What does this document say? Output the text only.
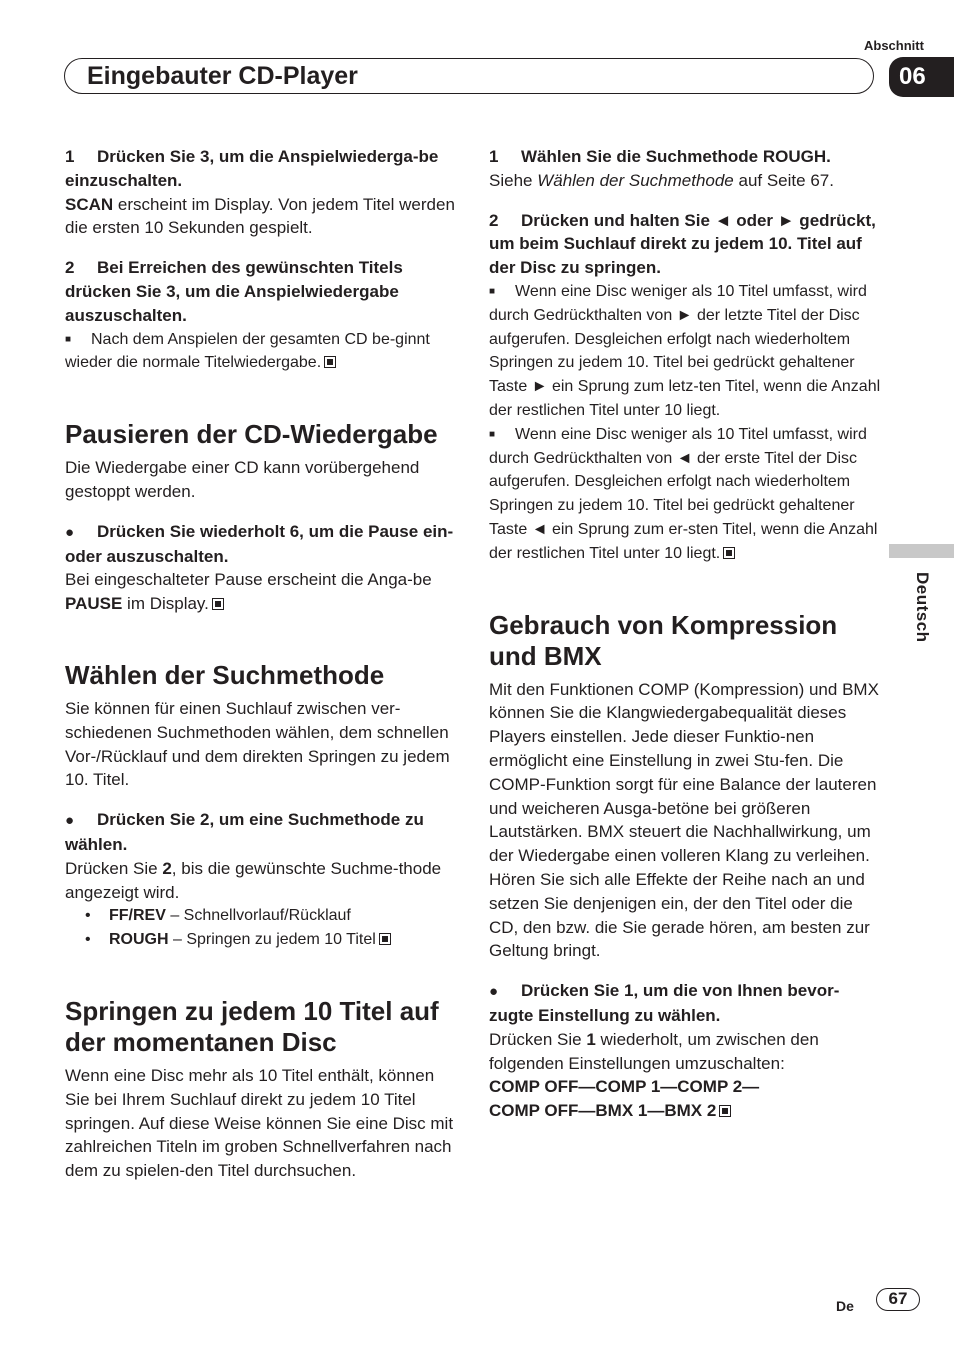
Abschnitt
Eingebauter CD-Player	06
Deutsch

1 Drücken Sie 3, um die Anspielwiederga-be einzuschalten.

SCAN erscheint im Display. Von jedem Titel werden die ersten 10 Sekunden gespielt.

2 Bei Erreichen des gewünschten Titels drücken Sie 3, um die Anspielwiedergabe auszuschalten.

■ Nach dem Anspielen der gesamten CD be-ginnt wieder die normale Titelwiedergabe.

Pausieren der CD-Wiedergabe

Die Wiedergabe einer CD kann vorübergehend gestoppt werden.

● Drücken Sie wiederholt 6, um die Pause ein- oder auszuschalten.

Bei eingeschalteter Pause erscheint die Anga-be PAUSE im Display.

Wählen der Suchmethode

Sie können für einen Suchlauf zwischen ver-schiedenen Suchmethoden wählen, dem schnellen Vor-/Rücklauf und dem direkten Springen zu jedem 10. Titel.

● Drücken Sie 2, um eine Suchmethode zu wählen.

Drücken Sie 2, bis die gewünschte Suchme-thode angezeigt wird.

• FF/REV – Schnellvorlauf/Rücklauf
• ROUGH – Springen zu jedem 10 Titel
Springen zu jedem 10 Titel auf der momentanen Disc

Wenn eine Disc mehr als 10 Titel enthält, können Sie bei Ihrem Suchlauf direkt zu jedem 10 Titel springen. Auf diese Weise können Sie eine Disc mit zahlreichen Titeln im groben Schnellverfahren nach dem zu spielen-den Titel durchsuchen.

1 Wählen Sie die Suchmethode ROUGH.

Siehe Wählen der Suchmethode auf Seite 67.

2 Drücken und halten Sie ◄ oder ► gedrückt, um beim Suchlauf direkt zu jedem 10. Titel auf der Disc zu springen.

■ Wenn eine Disc weniger als 10 Titel umfasst, wird durch Gedrückthalten von ► der letzte Titel der Disc aufgerufen. Desgleichen erfolgt nach wiederholtem Springen zu jedem 10. Titel bei gedrückt gehaltener Taste ► ein Sprung zum letz-ten Titel, wenn die Anzahl der restlichen Titel unter 10 liegt.

■ Wenn eine Disc weniger als 10 Titel umfasst, wird durch Gedrückthalten von ◄ der erste Titel der Disc aufgerufen. Desgleichen erfolgt nach wiederholtem Springen zu jedem 10. Titel bei gedrückt gehaltener Taste ◄ ein Sprung zum er-sten Titel, wenn die Anzahl der restlichen Titel unter 10 liegt.

Gebrauch von Kompression und BMX

Mit den Funktionen COMP (Kompression) und BMX können Sie die Klangwiedergabequalität dieses Players einstellen. Jede dieser Funktio-nen ermöglicht eine Einstellung in zwei Stu-fen. Die COMP-Funktion sorgt für eine Balance der lauteren und weicheren Ausga-betöne bei größeren Lautstärken. BMX steuert die Nachhallwirkung, um der Wiedergabe einen volleren Klang zu verleihen. Hören Sie sich alle Effekte der Reihe nach an und setzen Sie denjenigen ein, der den Titel oder die CD, den bzw. die Sie gerade hören, am besten zur Geltung bringt.

● Drücken Sie 1, um die von Ihnen bevor-zugte Einstellung zu wählen.

Drücken Sie 1 wiederholt, um zwischen den folgenden Einstellungen umzuschalten:

COMP OFF—COMP 1—COMP 2—

COMP OFF—BMX 1—BMX 2

De	67
